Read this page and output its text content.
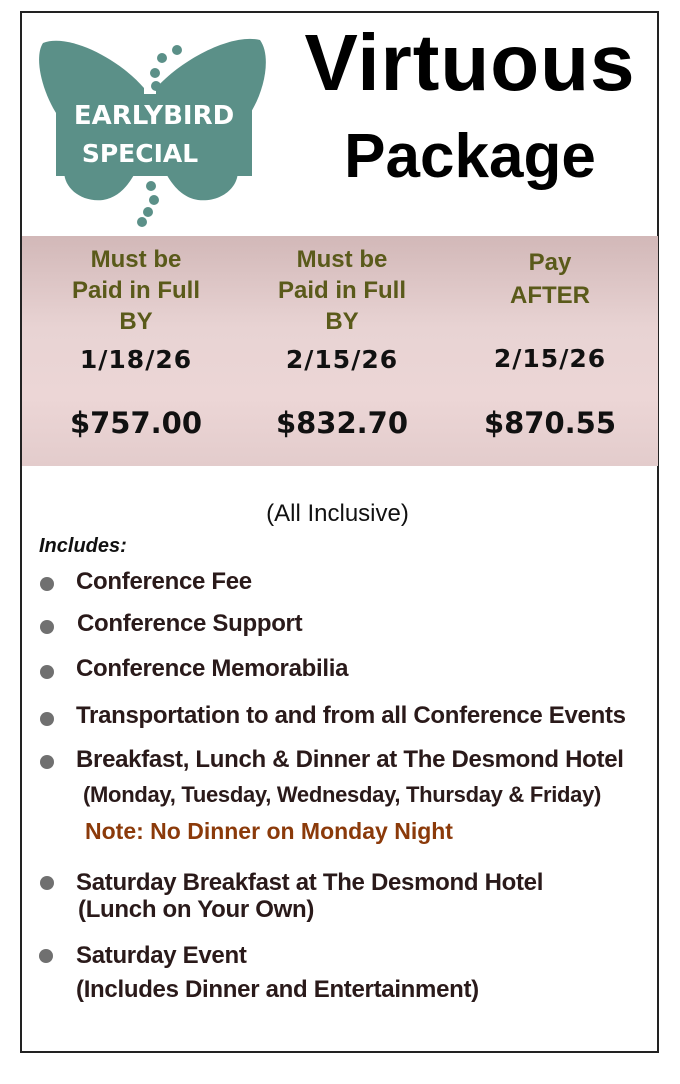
EARLYBIRD
SPECIAL
Virtuous
Package
Must be
Paid in Full
BY
1/18/26
$757.00
Must be
Paid in Full
BY
2/15/26
$832.70
Pay
AFTER
2/15/26
$870.55
(All Inclusive)
Includes:
Conference Fee
Conference Support
Conference Memorabilia
Transportation to and from all Conference Events
Breakfast, Lunch & Dinner at The Desmond Hotel
(Monday, Tuesday, Wednesday, Thursday & Friday)
Note: No Dinner on Monday Night
Saturday Breakfast at The Desmond Hotel
(Lunch on Your Own)
Saturday Event
(Includes Dinner and Entertainment)
